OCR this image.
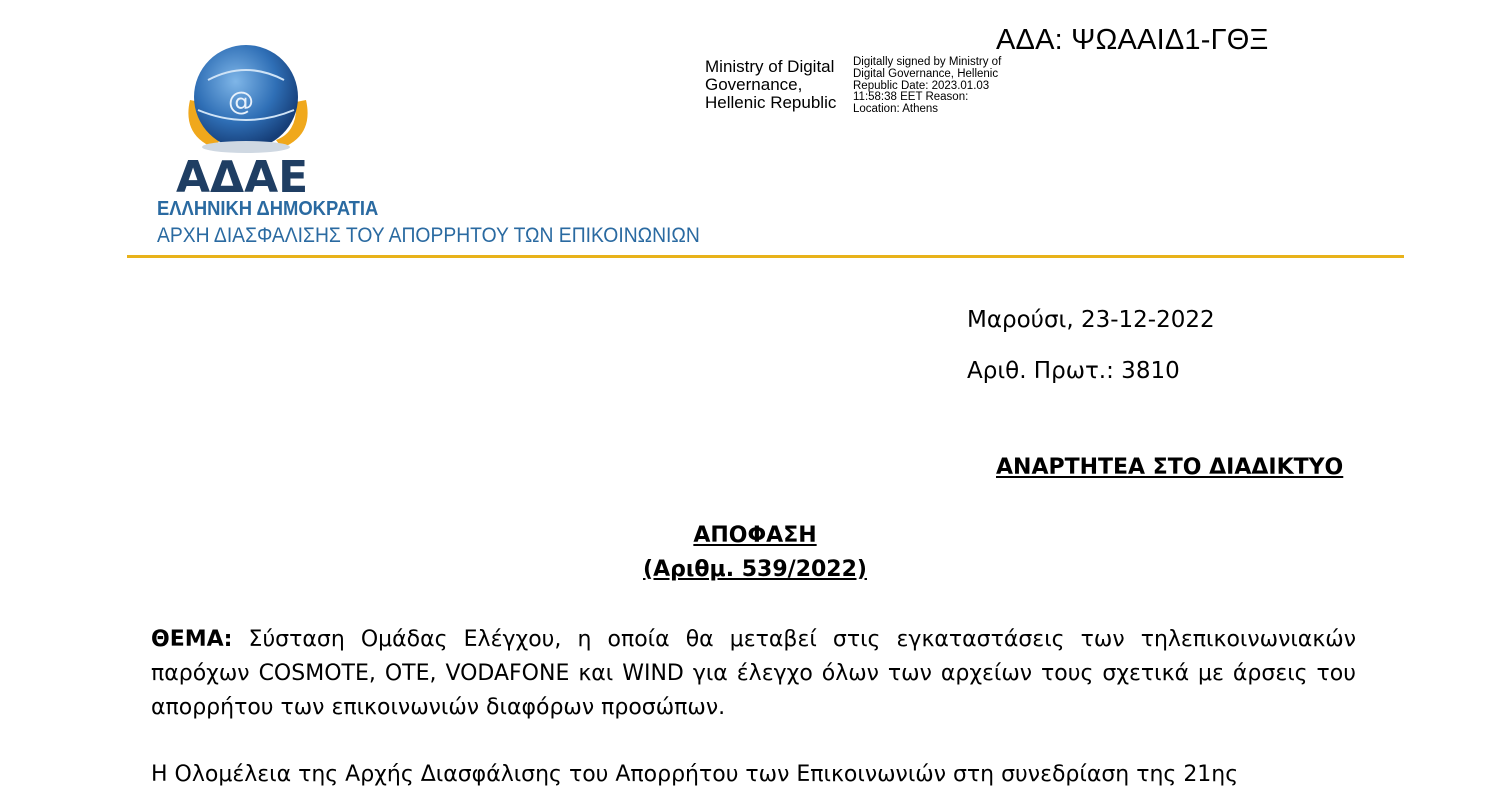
ΑΔΑ: ΨΩΑΑΙΔ1-ΓΘΞ
@
ΑΔΑΕ
ΕΛΛΗΝΙΚΗ ΔΗΜΟΚΡΑΤΙΑ
ΑΡΧΗ ΔΙΑΣΦΑΛΙΣΗΣ ΤΟΥ ΑΠΟΡΡΗΤΟΥ ΤΩΝ ΕΠΙΚΟΙΝΩΝΙΩΝ
Ministry of Digital Governance, Hellenic Republic
Digitally signed by Ministry of Digital Governance, Hellenic Republic Date: 2023.01.03 11:58:38 EET Reason: Location: Athens
Μαρούσι, 23-12-2022
Αριθ. Πρωτ.: 3810
ΑΝΑΡΤΗΤΕΑ ΣΤΟ ΔΙΑΔΙΚΤΥΟ
ΑΠΟΦΑΣΗ
(Αριθμ. 539/2022)
ΘΕΜΑ: Σύσταση Ομάδας Ελέγχου, η οποία θα μεταβεί στις εγκαταστάσεις των τηλεπικοινωνιακών παρόχων COSMOTE, ΟΤΕ, VODAFONE και WIND για έλεγχο όλων των αρχείων τους σχετικά με άρσεις του απορρήτου των επικοινωνιών διαφόρων προσώπων.
Η Ολομέλεια της Αρχής Διασφάλισης του Απορρήτου των Επικοινωνιών στη συνεδρίαση της 21ης
